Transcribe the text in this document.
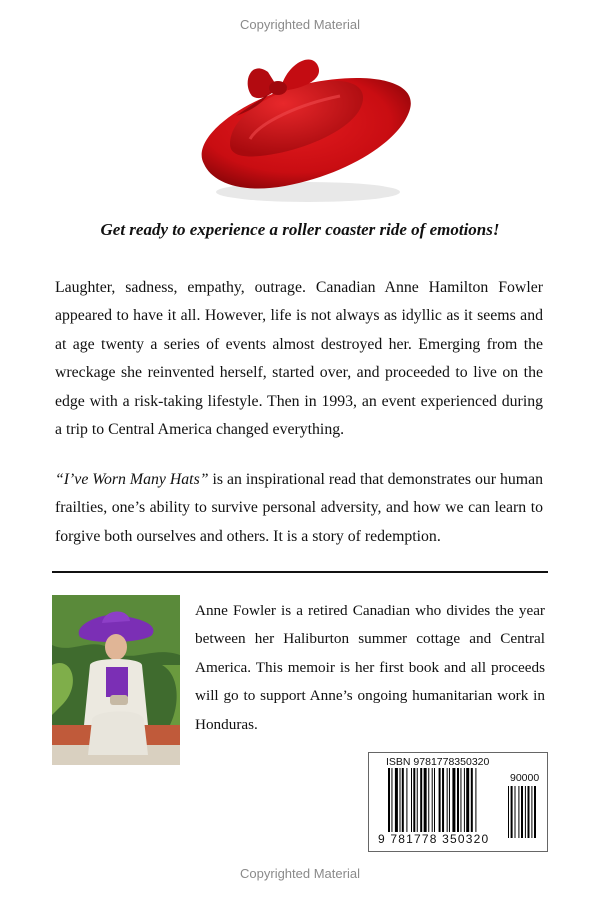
Copyrighted Material
Get ready to experience a roller coaster ride of emotions!

Laughter, sadness, empathy, outrage. Canadian Anne Hamilton Fowler appeared to have it all. However, life is not always as idyllic as it seems and at age twenty a series of events almost destroyed her. Emerging from the wreckage she reinvented herself, started over, and proceeded to live on the edge with a risk-taking lifestyle. Then in 1993, an event experienced during a trip to Central America changed everything.

“I’ve Worn Many Hats” is an inspirational read that demonstrates our human frailties, one’s ability to survive personal adversity, and how we can learn to forgive both ourselves and others. It is a story of redemption.

Anne Fowler is a retired Canadian who divides the year between her Haliburton summer cottage and Central America. This memoir is her first book and all proceeds will go to support Anne’s ongoing humanitarian work in Honduras.

ISBN 9781778350320
90000
9 781778 350320
Copyrighted Material
